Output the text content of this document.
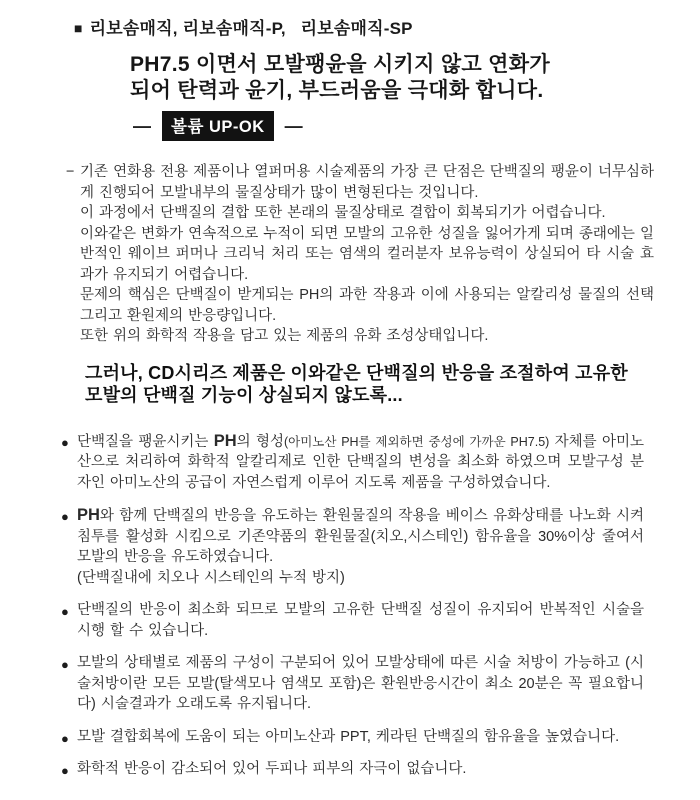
■ 리보솜매직, 리보솜매직-P,   리보솜매직-SP
PH7.5 이면서 모발팽윤을 시키지 않고 연화가
되어 탄력과 윤기, 부드러움을 극대화 합니다.
—	볼륨 UP-OK	—
− 기존 연화용 전용 제품이나 열퍼머용 시술제품의 가장 큰 단점은 단백질의 팽윤이 너무심하게 진행되어 모발내부의 물질상태가 많이 변형된다는 것입니다.
이 과정에서 단백질의 결합 또한 본래의 물질상태로 결합이 회복되기가 어렵습니다.
이와같은 변화가 연속적으로 누적이 되면 모발의 고유한 성질을 잃어가게 되며 종래에는 일반적인 웨이브 퍼머나 크리닉 처리 또는 염색의 컬러분자 보유능력이 상실되어 타 시술 효과가 유지되기 어렵습니다.
문제의 핵심은 단백질이 받게되는 PH의 과한 작용과 이에 사용되는 알칼리성 물질의 선택 그리고 환원제의 반응량입니다.
또한 위의 화학적 작용을 담고 있는 제품의 유화 조성상태입니다.
그러나, CD시리즈 제품은 이와같은 단백질의 반응을 조절하여 고유한
모발의 단백질 기능이 상실되지 않도록...
● 단백질을 팽윤시키는 PH의 형성(아미노산 PH를 제외하면 중성에 가까운 PH7.5) 자체를 아미노산으로 처리하여 화학적 알칼리제로 인한 단백질의 변성을 최소화 하였으며 모발구성 분자인 아미노산의 공급이 자연스럽게 이루어 지도록 제품을 구성하였습니다.
● PH와 함께 단백질의 반응을 유도하는 환원물질의 작용을 베이스 유화상태를 나노화 시켜 침투를 활성화 시킴으로 기존약품의 환원물질(치오,시스테인) 함유율을 30%이상 줄여서 모발의 반응을 유도하였습니다.
(단백질내에 치오나 시스테인의 누적 방지)
● 단백질의 반응이 최소화 되므로 모발의 고유한 단백질 성질이 유지되어 반복적인 시술을 시행 할 수 있습니다.
● 모발의 상태별로 제품의 구성이 구분되어 있어 모발상태에 따른 시술 처방이 가능하고 (시술처방이란 모든 모발(탈색모나 염색모 포함)은 환원반응시간이 최소 20분은 꼭 필요합니다) 시술결과가 오래도록 유지됩니다.
● 모발 결합회복에 도움이 되는 아미노산과 PPT, 케라틴 단백질의 함유율을 높였습니다.
● 화학적 반응이 감소되어 있어 두피나 피부의 자극이 없습니다.
